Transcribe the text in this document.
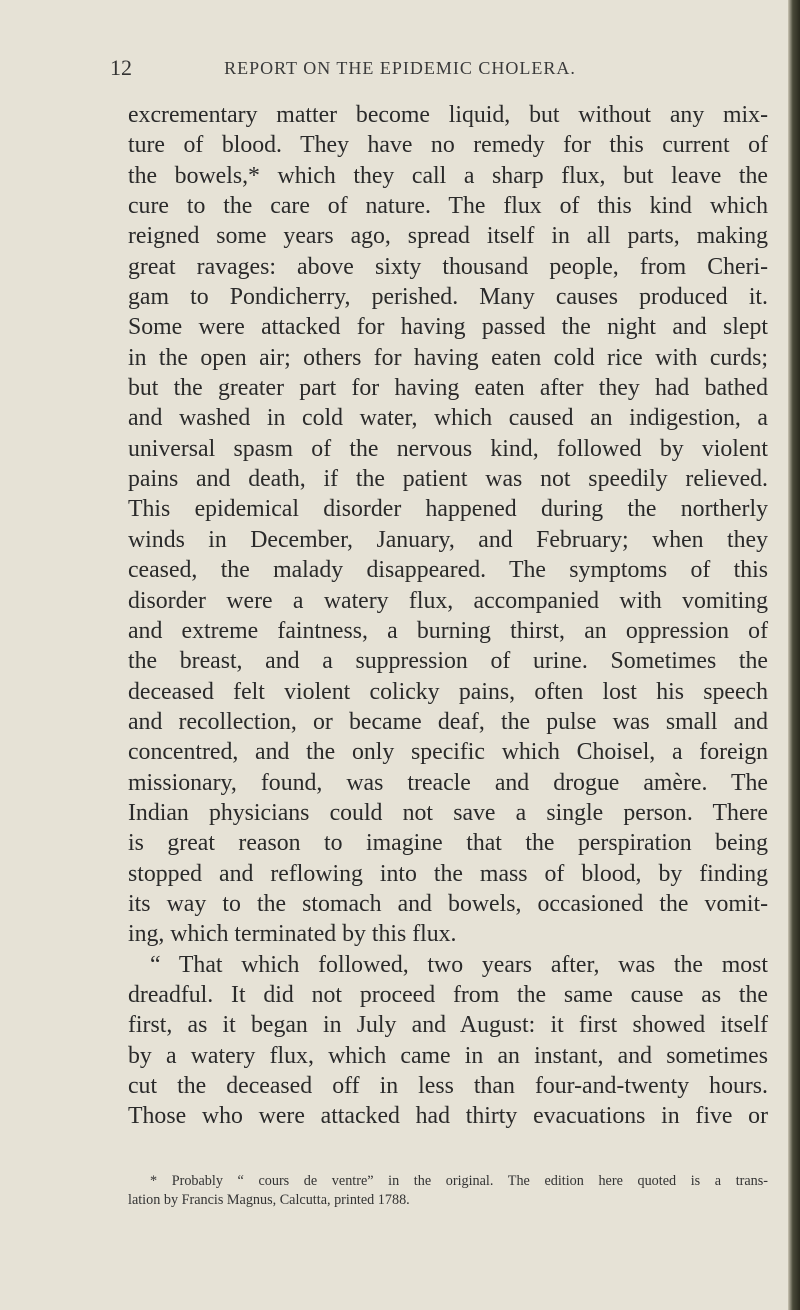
12	REPORT ON THE EPIDEMIC CHOLERA.
excrementary matter become liquid, but without any mix-
ture of blood. They have no remedy for this current of
the bowels,* which they call a sharp flux, but leave the
cure to the care of nature. The flux of this kind which
reigned some years ago, spread itself in all parts, making
great ravages: above sixty thousand people, from Cheri-
gam to Pondicherry, perished. Many causes produced it.
Some were attacked for having passed the night and slept
in the open air; others for having eaten cold rice with curds;
but the greater part for having eaten after they had bathed
and washed in cold water, which caused an indigestion, a
universal spasm of the nervous kind, followed by violent
pains and death, if the patient was not speedily relieved.
This epidemical disorder happened during the northerly
winds in December, January, and February; when they
ceased, the malady disappeared. The symptoms of this
disorder were a watery flux, accompanied with vomiting
and extreme faintness, a burning thirst, an oppression of
the breast, and a suppression of urine. Sometimes the
deceased felt violent colicky pains, often lost his speech
and recollection, or became deaf, the pulse was small and
concentred, and the only specific which Choisel, a foreign
missionary, found, was treacle and drogue amère. The
Indian physicians could not save a single person. There
is great reason to imagine that the perspiration being
stopped and reflowing into the mass of blood, by finding
its way to the stomach and bowels, occasioned the vomit-
ing, which terminated by this flux.
“ That which followed, two years after, was the most
dreadful. It did not proceed from the same cause as the
first, as it began in July and August: it first showed itself
by a watery flux, which came in an instant, and sometimes
cut the deceased off in less than four-and-twenty hours.
Those who were attacked had thirty evacuations in five or
* Probably “ cours de ventre” in the original. The edition here quoted is a trans-
lation by Francis Magnus, Calcutta, printed 1788.
